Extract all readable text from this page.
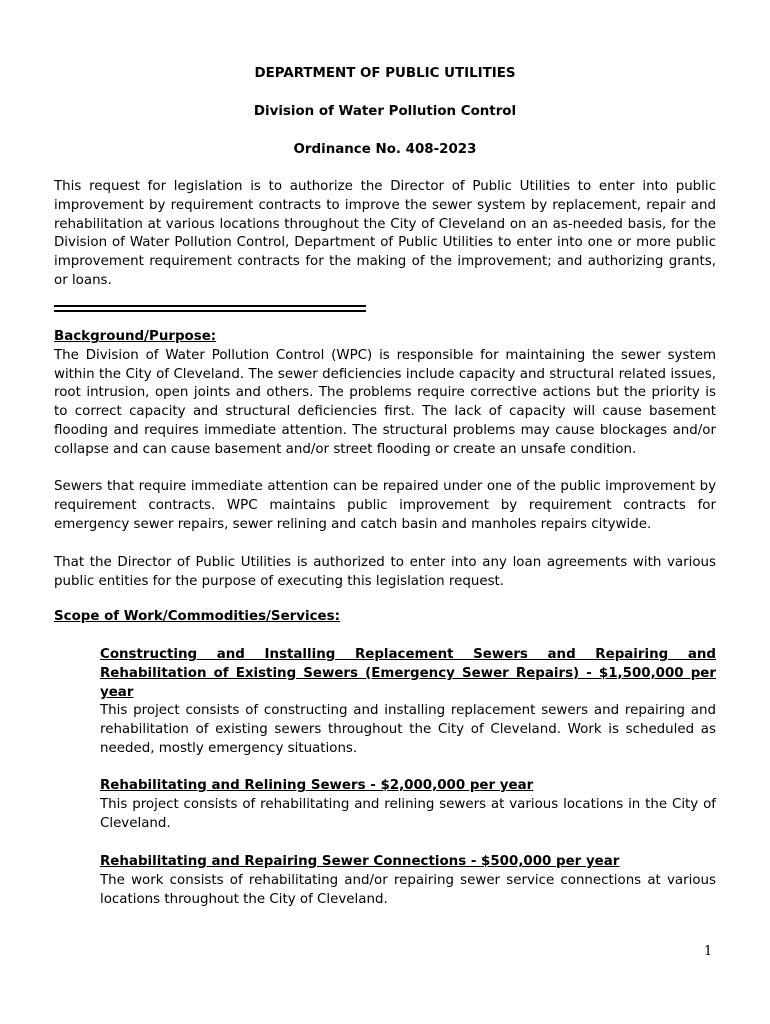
DEPARTMENT OF PUBLIC UTILITIES
Division of Water Pollution Control
Ordinance No. 408-2023

This request for legislation is to authorize the Director of Public Utilities to enter into public improvement by requirement contracts to improve the sewer system by replacement, repair and rehabilitation at various locations throughout the City of Cleveland on an as-needed basis, for the Division of Water Pollution Control, Department of Public Utilities to enter into one or more public improvement requirement contracts for the making of the improvement; and authorizing grants, or loans.

Background/Purpose:
The Division of Water Pollution Control (WPC) is responsible for maintaining the sewer system within the City of Cleveland. The sewer deficiencies include capacity and structural related issues, root intrusion, open joints and others. The problems require corrective actions but the priority is to correct capacity and structural deficiencies first. The lack of capacity will cause basement flooding and requires immediate attention. The structural problems may cause blockages and/or collapse and can cause basement and/or street flooding or create an unsafe condition.

Sewers that require immediate attention can be repaired under one of the public improvement by requirement contracts. WPC maintains public improvement by requirement contracts for emergency sewer repairs, sewer relining and catch basin and manholes repairs citywide.

That the Director of Public Utilities is authorized to enter into any loan agreements with various public entities for the purpose of executing this legislation request.

Scope of Work/Commodities/Services:
Constructing and Installing Replacement Sewers and Repairing and Rehabilitation of Existing Sewers (Emergency Sewer Repairs) - $1,500,000 per year
This project consists of constructing and installing replacement sewers and repairing and rehabilitation of existing sewers throughout the City of Cleveland. Work is scheduled as needed, mostly emergency situations.
Rehabilitating and Relining Sewers - $2,000,000 per year
This project consists of rehabilitating and relining sewers at various locations in the City of Cleveland.
Rehabilitating and Repairing Sewer Connections - $500,000 per year
The work consists of rehabilitating and/or repairing sewer service connections at various locations throughout the City of Cleveland.
1
